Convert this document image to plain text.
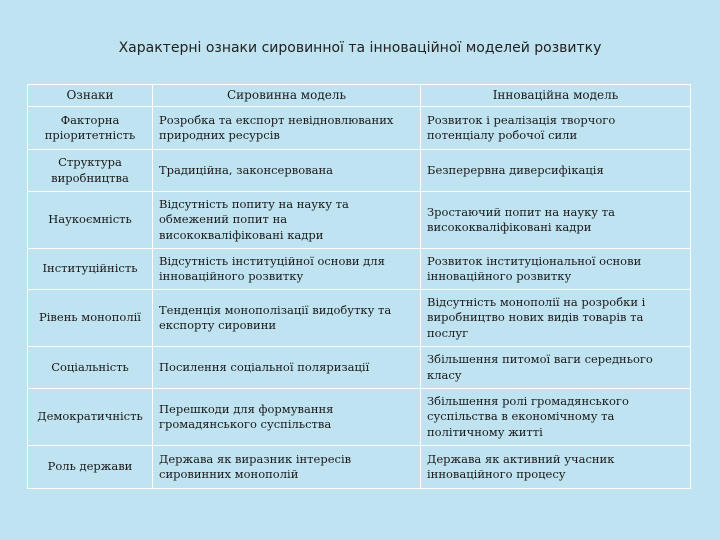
Характерні ознаки сировинної та інноваційної моделей розвитку
Ознаки	Сировинна модель	Інноваційна модель
Факторна пріоритетність	Розробка та експорт невідновлюваних природних ресурсів	Розвиток і реалізація творчого потенціалу робочої сили
Структура виробництва	Традиційна, законсервована	Безперервна диверсифікація
Наукоємність	Відсутність попиту на науку та обмежений попит на висококваліфіковані кадри	Зростаючий попит на науку та висококваліфіковані кадри
Інституційність	Відсутність інституційної основи для інноваційного розвитку	Розвиток інституціональної основи інноваційного розвитку
Рівень монополії	Тенденція монополізації видобутку та експорту сировини	Відсутність монополії на розробки і виробництво нових видів товарів та послуг
Соціальність	Посилення соціальної поляризації	Збільшення питомої ваги середнього класу
Демократичність	Перешкоди для формування громадянського суспільства	Збільшення ролі громадянського суспільства в економічному та політичному житті
Роль держави	Держава як виразник інтересів сировинних монополій	Держава як активний учасник інноваційного процесу
